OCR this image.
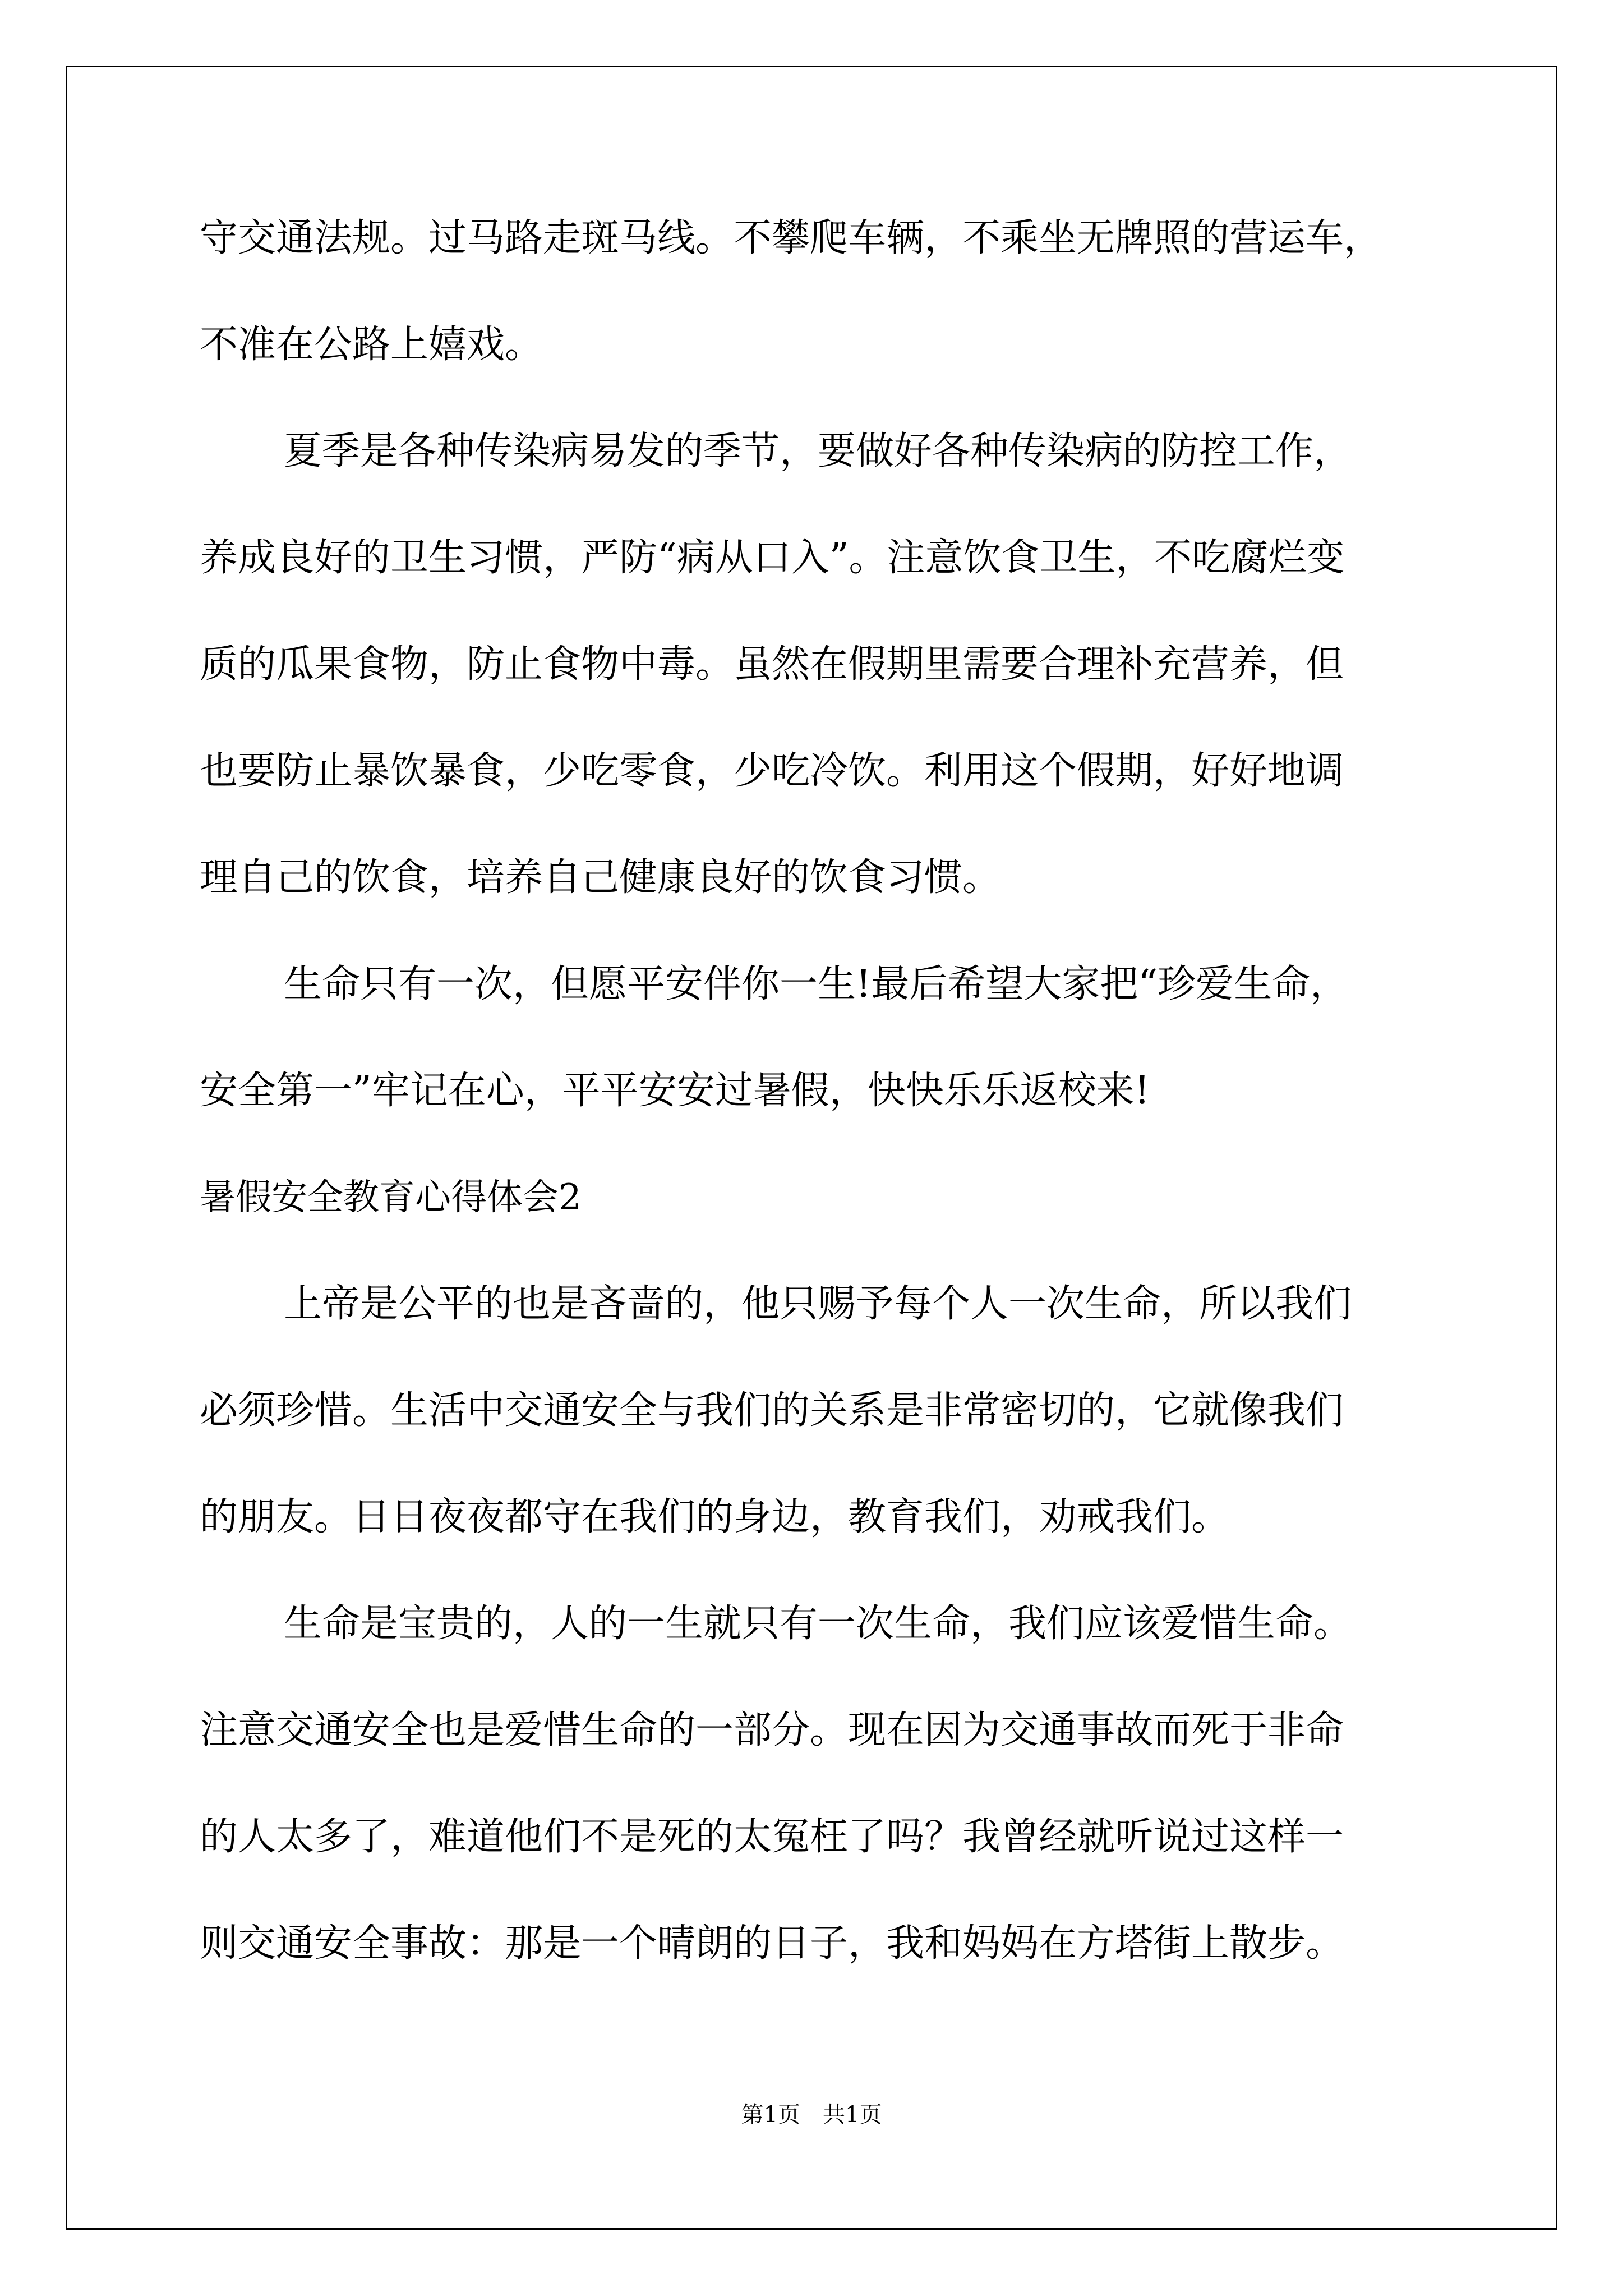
守交通法规。过马路走斑马线。不攀爬车辆，不乘坐无牌照的营运车，
不准在公路上嬉戏。
夏季是各种传染病易发的季节，要做好各种传染病的防控工作，
养成良好的卫生习惯，严防“病从口入”。注意饮食卫生，不吃腐烂变
质的瓜果食物，防止食物中毒。虽然在假期里需要合理补充营养，但
也要防止暴饮暴食，少吃零食，少吃冷饮。利用这个假期，好好地调
理自己的饮食，培养自己健康良好的饮食习惯。
生命只有一次，但愿平安伴你一生!最后希望大家把“珍爱生命，
安全第一”牢记在心，平平安安过暑假，快快乐乐返校来!
暑假安全教育心得体会2
上帝是公平的也是吝啬的，他只赐予每个人一次生命，所以我们
必须珍惜。生活中交通安全与我们的关系是非常密切的，它就像我们
的朋友。日日夜夜都守在我们的身边，教育我们，劝戒我们。
生命是宝贵的，人的一生就只有一次生命，我们应该爱惜生命。
注意交通安全也是爱惜生命的一部分。现在因为交通事故而死于非命
的人太多了，难道他们不是死的太冤枉了吗？我曾经就听说过这样一
则交通安全事故：那是一个晴朗的日子，我和妈妈在方塔街上散步。
第1页 共1页
